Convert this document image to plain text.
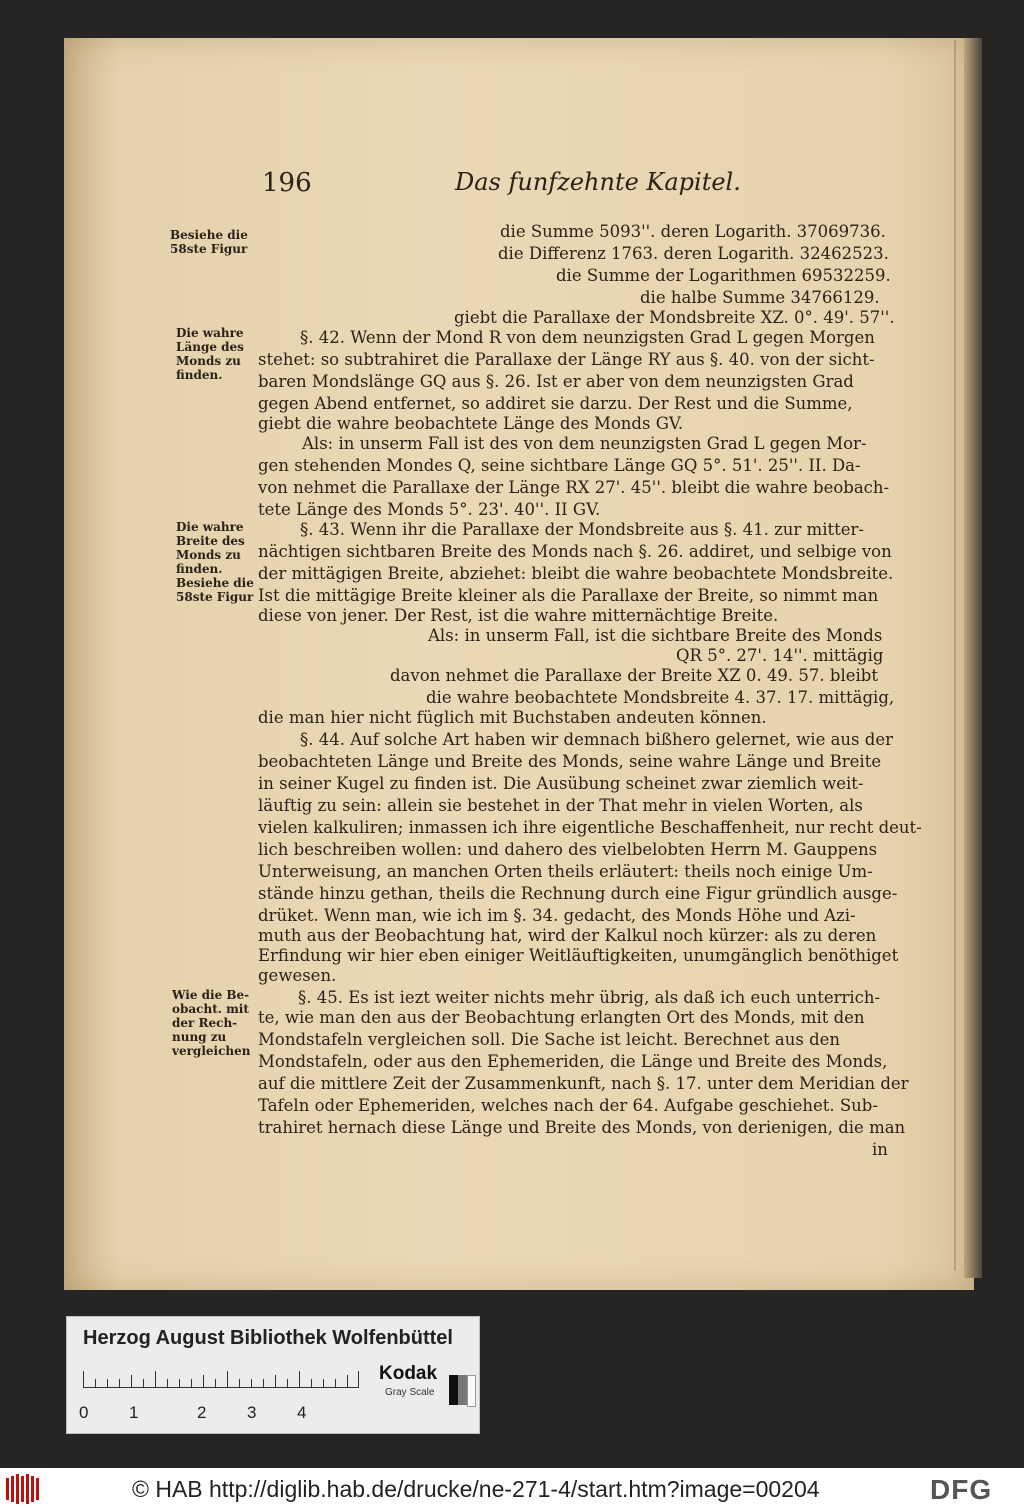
196	Das funfzehnte Kapitel.
Besiehe die
58ste Figur
Die wahre
Länge des
Monds zu
finden.
Die wahre
Breite des
Monds zu
finden.
Besiehe die
58ste Figur
Wie die Be-
obacht. mit
der Rech-
nung zu
vergleichen
die Summe 5093''. deren Logarith. 37069736.
die Differenz 1763. deren Logarith. 32462523.
die Summe der Logarithmen 69532259.
die halbe Summe 34766129.
giebt die Parallaxe der Mondsbreite XZ. 0°. 49'. 57''.
§. 42. Wenn der Mond R von dem neunzigsten Grad L gegen Morgen
stehet: so subtrahiret die Parallaxe der Länge RY aus §. 40. von der sicht-
baren Mondslänge GQ aus §. 26. Ist er aber von dem neunzigsten Grad
gegen Abend entfernet, so addiret sie darzu. Der Rest und die Summe,
giebt die wahre beobachtete Länge des Monds GV.
Als: in unserm Fall ist des von dem neunzigsten Grad L gegen Mor-
gen stehenden Mondes Q, seine sichtbare Länge GQ 5°. 51'. 25''. II. Da-
von nehmet die Parallaxe der Länge RX 27'. 45''. bleibt die wahre beobach-
tete Länge des Monds 5°. 23'. 40''. II GV.
§. 43. Wenn ihr die Parallaxe der Mondsbreite aus §. 41. zur mitter-
nächtigen sichtbaren Breite des Monds nach §. 26. addiret, und selbige von
der mittägigen Breite, abziehet: bleibt die wahre beobachtete Mondsbreite.
Ist die mittägige Breite kleiner als die Parallaxe der Breite, so nimmt man
diese von jener. Der Rest, ist die wahre mitternächtige Breite.
Als: in unserm Fall, ist die sichtbare Breite des Monds
QR 5°. 27'. 14''. mittägig
davon nehmet die Parallaxe der Breite XZ 0. 49. 57. bleibt
die wahre beobachtete Mondsbreite 4. 37. 17. mittägig,
die man hier nicht füglich mit Buchstaben andeuten können.
§. 44. Auf solche Art haben wir demnach bißhero gelernet, wie aus der
beobachteten Länge und Breite des Monds, seine wahre Länge und Breite
in seiner Kugel zu finden ist. Die Ausübung scheinet zwar ziemlich weit-
läuftig zu sein: allein sie bestehet in der That mehr in vielen Worten, als
vielen kalkuliren; inmassen ich ihre eigentliche Beschaffenheit, nur recht deut-
lich beschreiben wollen: und dahero des vielbelobten Herrn M. Gauppens
Unterweisung, an manchen Orten theils erläutert: theils noch einige Um-
stände hinzu gethan, theils die Rechnung durch eine Figur gründlich ausge-
drüket. Wenn man, wie ich im §. 34. gedacht, des Monds Höhe und Azi-
muth aus der Beobachtung hat, wird der Kalkul noch kürzer: als zu deren
Erfindung wir hier eben einiger Weitläuftigkeiten, unumgänglich benöthiget
gewesen.
§. 45. Es ist iezt weiter nichts mehr übrig, als daß ich euch unterrich-
te, wie man den aus der Beobachtung erlangten Ort des Monds, mit den
Mondstafeln vergleichen soll. Die Sache ist leicht. Berechnet aus den
Mondstafeln, oder aus den Ephemeriden, die Länge und Breite des Monds,
auf die mittlere Zeit der Zusammenkunft, nach §. 17. unter dem Meridian der
Tafeln oder Ephemeriden, welches nach der 64. Aufgabe geschiehet. Sub-
trahiret hernach diese Länge und Breite des Monds, von derienigen, die man
in
Herzog August Bibliothek Wolfenbüttel
0 1	2 3 4
Kodak
Gray Scale
© HAB http://diglib.hab.de/drucke/ne-271-4/start.htm?image=00204	DFG
